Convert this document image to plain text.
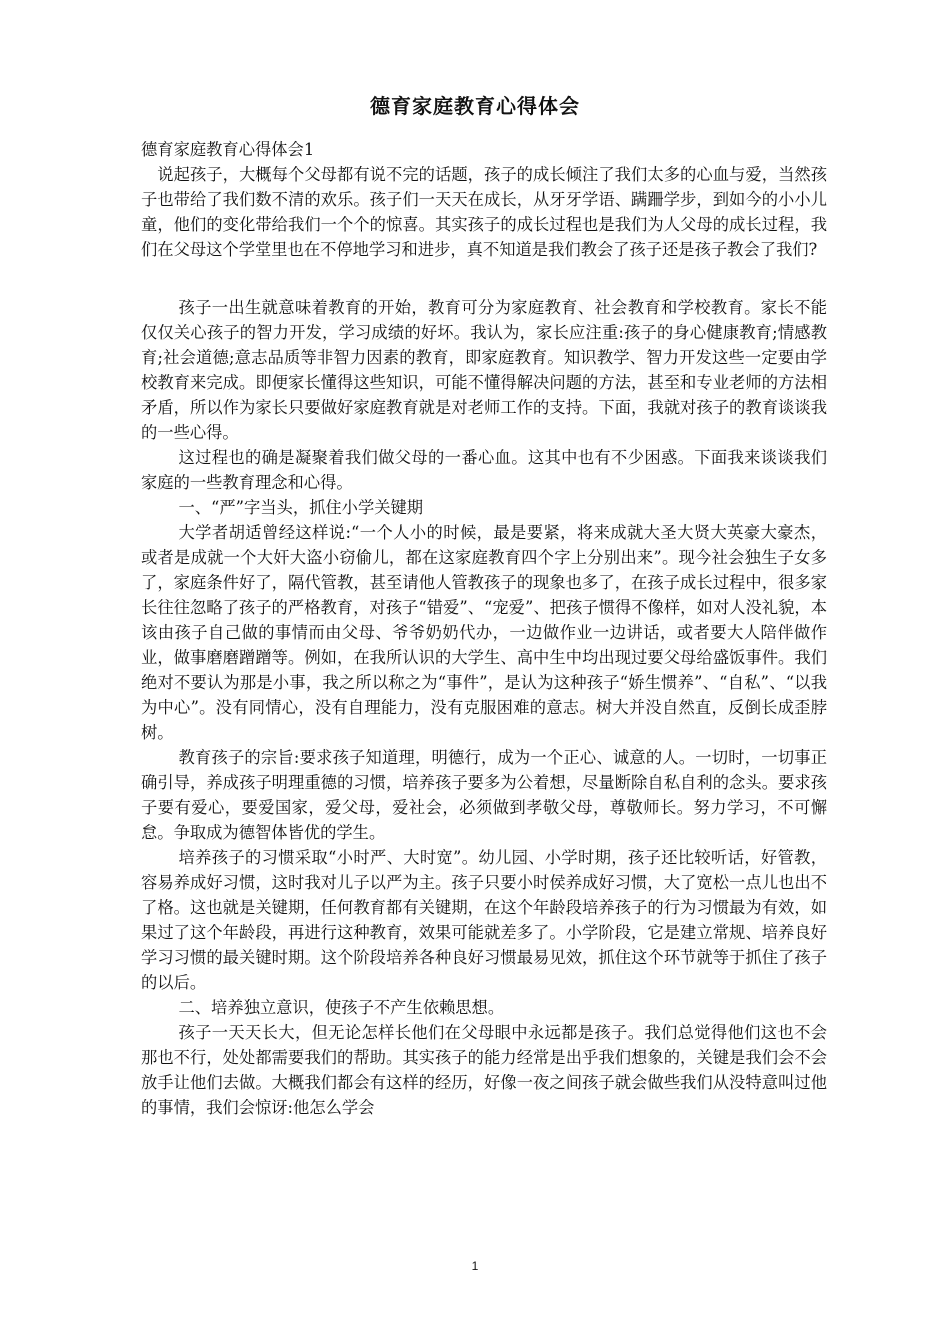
德育家庭教育心得体会

德育家庭教育心得体会1

说起孩子，大概每个父母都有说不完的话题，孩子的成长倾注了我们太多的心血与爱，当然孩子也带给了我们数不清的欢乐。孩子们一天天在成长，从牙牙学语、蹒跚学步，到如今的小小儿童，他们的变化带给我们一个个的惊喜。其实孩子的成长过程也是我们为人父母的成长过程，我们在父母这个学堂里也在不停地学习和进步，真不知道是我们教会了孩子还是孩子教会了我们?

孩子一出生就意味着教育的开始，教育可分为家庭教育、社会教育和学校教育。家长不能仅仅关心孩子的智力开发，学习成绩的好坏。我认为，家长应注重:孩子的身心健康教育;情感教育;社会道德;意志品质等非智力因素的教育，即家庭教育。知识教学、智力开发这些一定要由学校教育来完成。即便家长懂得这些知识，可能不懂得解决问题的方法，甚至和专业老师的方法相矛盾，所以作为家长只要做好家庭教育就是对老师工作的支持。下面，我就对孩子的教育谈谈我的一些心得。

这过程也的确是凝聚着我们做父母的一番心血。这其中也有不少困惑。下面我来谈谈我们家庭的一些教育理念和心得。

一、“严”字当头，抓住小学关键期

大学者胡适曾经这样说:“一个人小的时候，最是要紧，将来成就大圣大贤大英豪大豪杰，或者是成就一个大奸大盗小窃偷儿，都在这家庭教育四个字上分别出来”。现今社会独生子女多了，家庭条件好了，隔代管教，甚至请他人管教孩子的现象也多了，在孩子成长过程中，很多家长往往忽略了孩子的严格教育，对孩子“错爱”、“宠爱”、把孩子惯得不像样，如对人没礼貌，本该由孩子自己做的事情而由父母、爷爷奶奶代办，一边做作业一边讲话，或者要大人陪伴做作业，做事磨磨蹭蹭等。例如，在我所认识的大学生、高中生中均出现过要父母给盛饭事件。我们绝对不要认为那是小事，我之所以称之为“事件”，是认为这种孩子“娇生惯养”、“自私”、“以我为中心”。没有同情心，没有自理能力，没有克服困难的意志。树大并没自然直，反倒长成歪脖树。

教育孩子的宗旨:要求孩子知道理，明德行，成为一个正心、诚意的人。一切时，一切事正确引导，养成孩子明理重德的习惯，培养孩子要多为公着想，尽量断除自私自利的念头。要求孩子要有爱心，要爱国家，爱父母，爱社会，必须做到孝敬父母，尊敬师长。努力学习，不可懈怠。争取成为德智体皆优的学生。

培养孩子的习惯采取“小时严、大时宽”。幼儿园、小学时期，孩子还比较听话，好管教，容易养成好习惯，这时我对儿子以严为主。孩子只要小时侯养成好习惯，大了宽松一点儿也出不了格。这也就是关键期，任何教育都有关键期，在这个年龄段培养孩子的行为习惯最为有效，如果过了这个年龄段，再进行这种教育，效果可能就差多了。小学阶段，它是建立常规、培养良好学习习惯的最关键时期。这个阶段培养各种良好习惯最易见效，抓住这个环节就等于抓住了孩子的以后。

二、培养独立意识，使孩子不产生依赖思想。

孩子一天天长大，但无论怎样长他们在父母眼中永远都是孩子。我们总觉得他们这也不会那也不行，处处都需要我们的帮助。其实孩子的能力经常是出乎我们想象的，关键是我们会不会放手让他们去做。大概我们都会有这样的经历，好像一夜之间孩子就会做些我们从没特意叫过他的事情，我们会惊讶:他怎么学会

1
